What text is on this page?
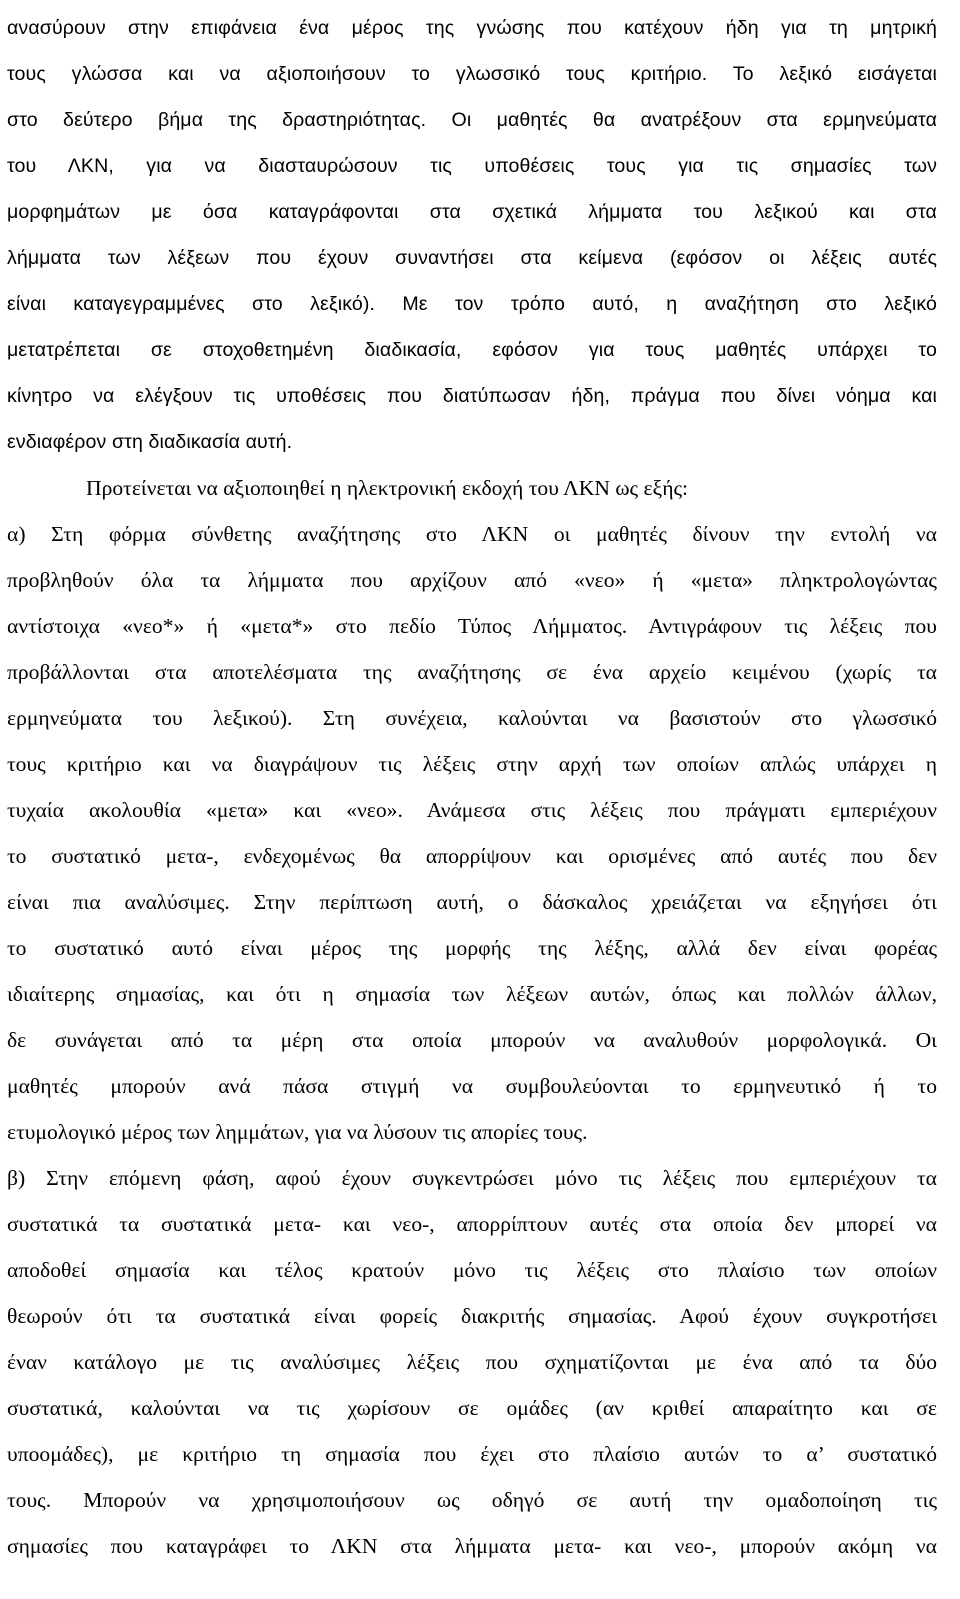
ανασύρουν στην επιφάνεια ένα μέρος της γνώσης που κατέχουν ήδη για τη μητρική
τους γλώσσα και να αξιοποιήσουν το γλωσσικό τους κριτήριο. Το λεξικό εισάγεται
στο δεύτερο βήμα της δραστηριότητας. Οι μαθητές θα ανατρέξουν στα ερμηνεύματα
του ΛΚΝ, για να διασταυρώσουν τις υποθέσεις τους για τις σημασίες των
μορφημάτων με όσα καταγράφονται στα σχετικά λήμματα του λεξικού και στα
λήμματα των λέξεων που έχουν συναντήσει στα κείμενα (εφόσον οι λέξεις αυτές
είναι καταγεγραμμένες στο λεξικό). Με τον τρόπο αυτό, η αναζήτηση στο λεξικό
μετατρέπεται σε στοχοθετημένη διαδικασία, εφόσον για τους μαθητές υπάρχει το
κίνητρο να ελέγξουν τις υποθέσεις που διατύπωσαν ήδη, πράγμα που δίνει νόημα και
ενδιαφέρον στη διαδικασία αυτή.
Προτείνεται να αξιοποιηθεί η ηλεκτρονική εκδοχή του ΛΚΝ ως εξής:
α) Στη φόρμα σύνθετης αναζήτησης στο ΛΚΝ οι μαθητές δίνουν την εντολή να
προβληθούν όλα τα λήμματα που αρχίζουν από «νεο» ή «μετα» πληκτρολογώντας
αντίστοιχα «νεο*» ή «μετα*» στο πεδίο Τύπος Λήμματος. Αντιγράφουν τις λέξεις που
προβάλλονται στα αποτελέσματα της αναζήτησης σε ένα αρχείο κειμένου (χωρίς τα
ερμηνεύματα του λεξικού). Στη συνέχεια, καλούνται να βασιστούν στο γλωσσικό
τους κριτήριο και να διαγράψουν τις λέξεις στην αρχή των οποίων απλώς υπάρχει η
τυχαία ακολουθία «μετα» και «νεο». Ανάμεσα στις λέξεις που πράγματι εμπεριέχουν
το συστατικό μετα-, ενδεχομένως θα απορρίψουν και ορισμένες από αυτές που δεν
είναι πια αναλύσιμες. Στην περίπτωση αυτή, ο δάσκαλος χρειάζεται να εξηγήσει ότι
το συστατικό αυτό είναι μέρος της μορφής της λέξης, αλλά δεν είναι φορέας
ιδιαίτερης σημασίας, και ότι η σημασία των λέξεων αυτών, όπως και πολλών άλλων,
δε συνάγεται από τα μέρη στα οποία μπορούν να αναλυθούν μορφολογικά. Οι
μαθητές μπορούν ανά πάσα στιγμή να συμβουλεύονται το ερμηνευτικό ή το
ετυμολογικό μέρος των λημμάτων, για να λύσουν τις απορίες τους.
β) Στην επόμενη φάση, αφού έχουν συγκεντρώσει μόνο τις λέξεις που εμπεριέχουν τα
συστατικά τα συστατικά μετα- και νεο-, απορρίπτουν αυτές στα οποία δεν μπορεί να
αποδοθεί σημασία και τέλος κρατούν μόνο τις λέξεις στο πλαίσιο των οποίων
θεωρούν ότι τα συστατικά είναι φορείς διακριτής σημασίας. Αφού έχουν συγκροτήσει
έναν κατάλογο με τις αναλύσιμες λέξεις που σχηματίζονται με ένα από τα δύο
συστατικά, καλούνται να τις χωρίσουν σε ομάδες (αν κριθεί απαραίτητο και σε
υποομάδες), με κριτήριο τη σημασία που έχει στο πλαίσιο αυτών το α’ συστατικό
τους. Μπορούν να χρησιμοποιήσουν ως οδηγό σε αυτή την ομαδοποίηση τις
σημασίες που καταγράφει το ΛΚΝ στα λήμματα μετα- και νεο-, μπορούν ακόμη να
